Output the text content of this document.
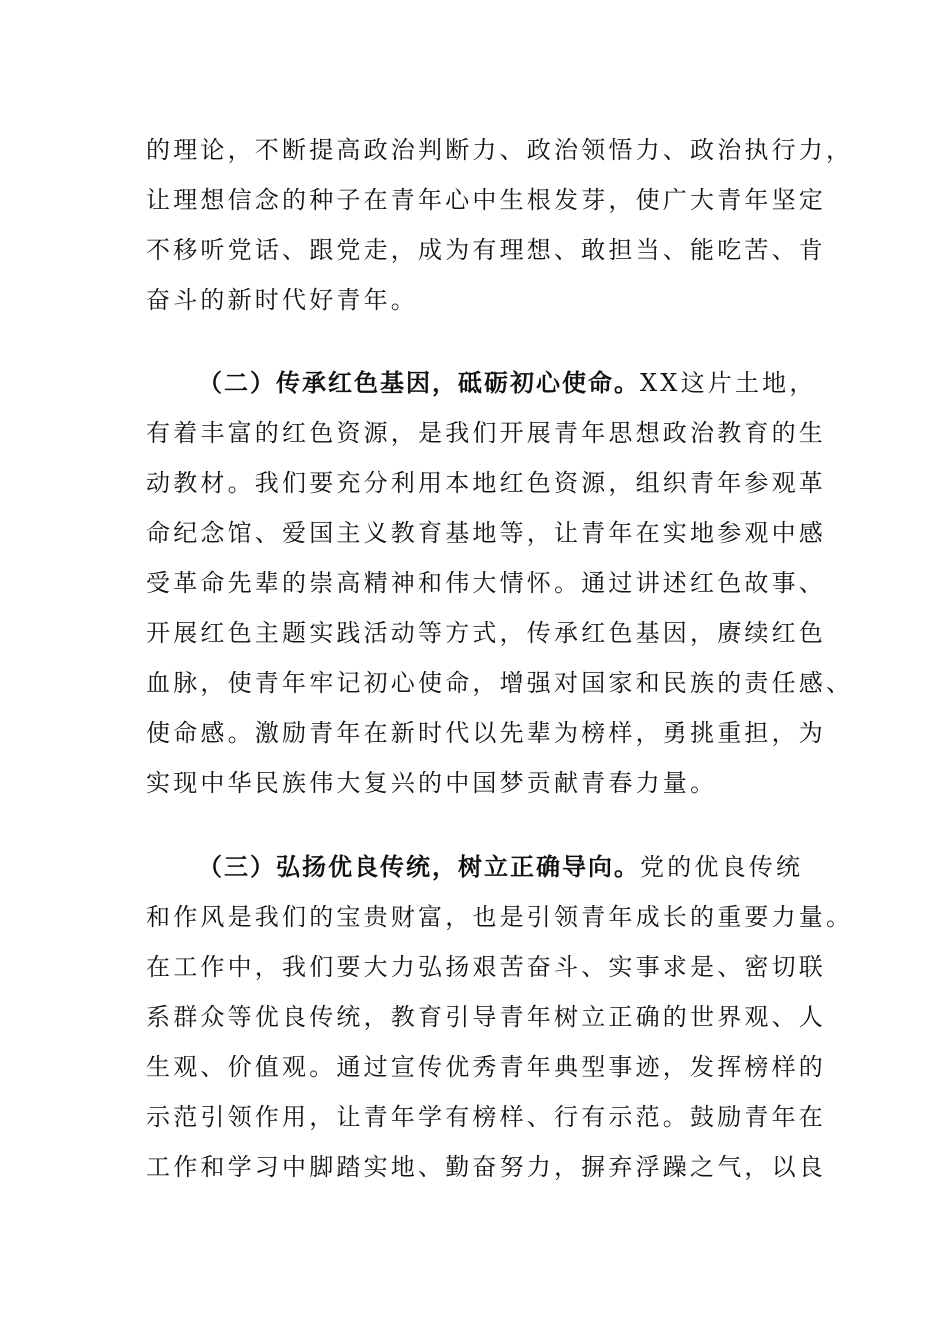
的理论，不断提高政治判断力、政治领悟力、政治执行力，
让理想信念的种子在青年心中生根发芽，使广大青年坚定
不移听党话、跟党走，成为有理想、敢担当、能吃苦、肯
奋斗的新时代好青年。
（二）传承红色基因，砥砺初心使命。XX这片土地，
有着丰富的红色资源，是我们开展青年思想政治教育的生
动教材。我们要充分利用本地红色资源，组织青年参观革
命纪念馆、爱国主义教育基地等，让青年在实地参观中感
受革命先辈的崇高精神和伟大情怀。通过讲述红色故事、
开展红色主题实践活动等方式，传承红色基因，赓续红色
血脉，使青年牢记初心使命，增强对国家和民族的责任感、
使命感。激励青年在新时代以先辈为榜样，勇挑重担，为
实现中华民族伟大复兴的中国梦贡献青春力量。
（三）弘扬优良传统，树立正确导向。党的优良传统
和作风是我们的宝贵财富，也是引领青年成长的重要力量。
在工作中，我们要大力弘扬艰苦奋斗、实事求是、密切联
系群众等优良传统，教育引导青年树立正确的世界观、人
生观、价值观。通过宣传优秀青年典型事迹，发挥榜样的
示范引领作用，让青年学有榜样、行有示范。鼓励青年在
工作和学习中脚踏实地、勤奋努力，摒弃浮躁之气，以良
